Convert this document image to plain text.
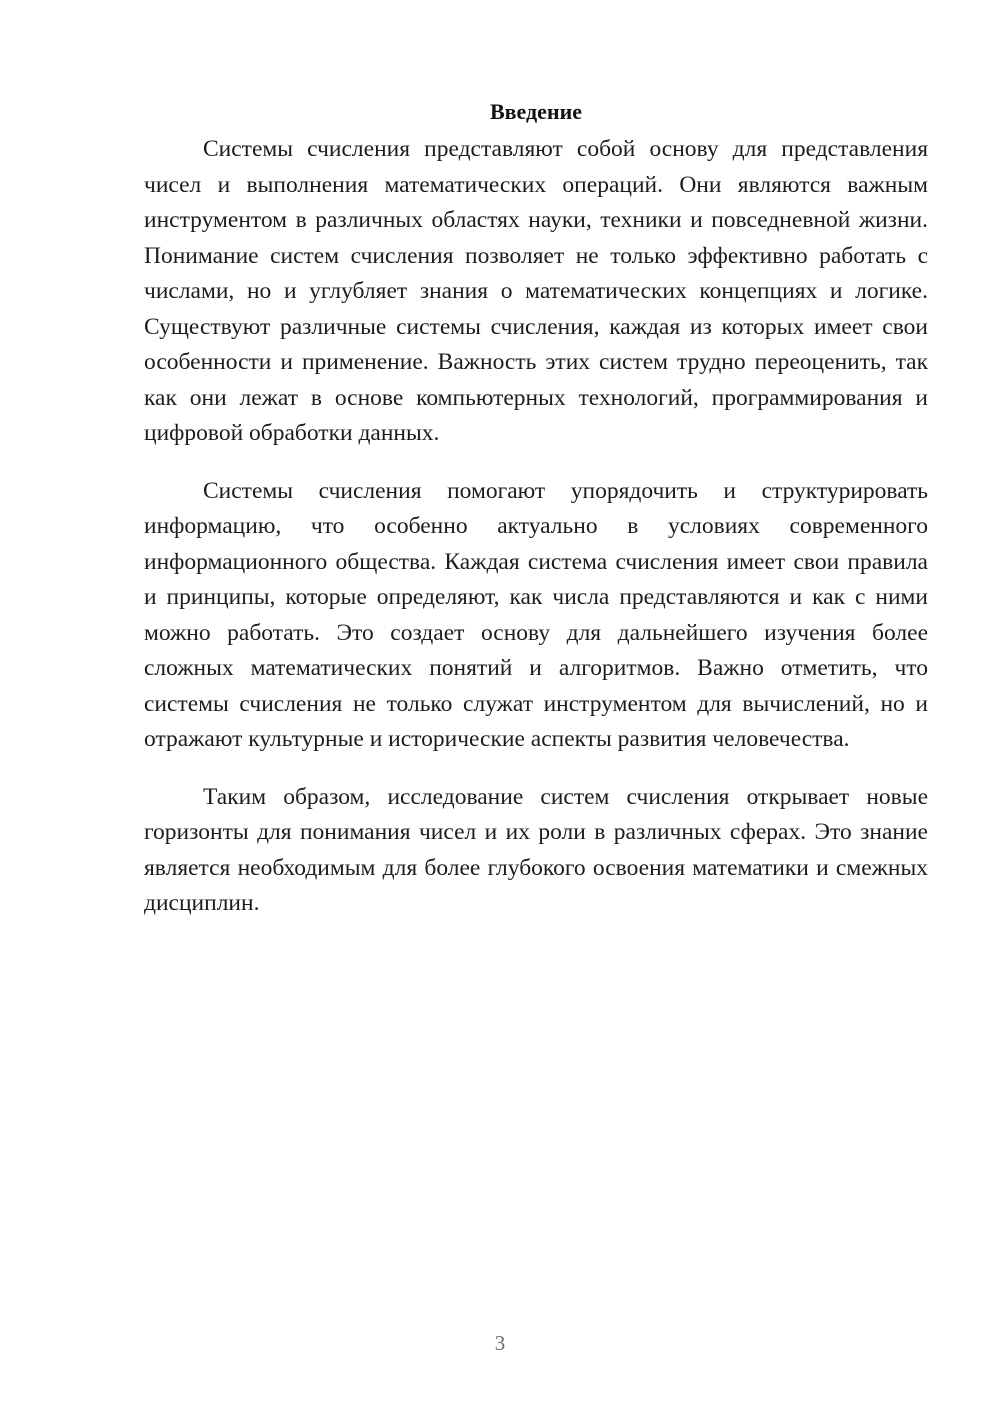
Введение

Системы счисления представляют собой основу для представления чисел и выполнения математических операций. Они являются важным инструментом в различных областях науки, техники и повседневной жизни. Понимание систем счисления позволяет не только эффективно работать с числами, но и углубляет знания о математических концепциях и логике. Существуют различные системы счисления, каждая из которых имеет свои особенности и применение. Важность этих систем трудно переоценить, так как они лежат в основе компьютерных технологий, программирования и цифровой обработки данных.

Системы счисления помогают упорядочить и структурировать информацию, что особенно актуально в условиях современного информационного общества. Каждая система счисления имеет свои правила и принципы, которые определяют, как числа представляются и как с ними можно работать. Это создает основу для дальнейшего изучения более сложных математических понятий и алгоритмов. Важно отметить, что системы счисления не только служат инструментом для вычислений, но и отражают культурные и исторические аспекты развития человечества.

Таким образом, исследование систем счисления открывает новые горизонты для понимания чисел и их роли в различных сферах. Это знание является необходимым для более глубокого освоения математики и смежных дисциплин.

3
